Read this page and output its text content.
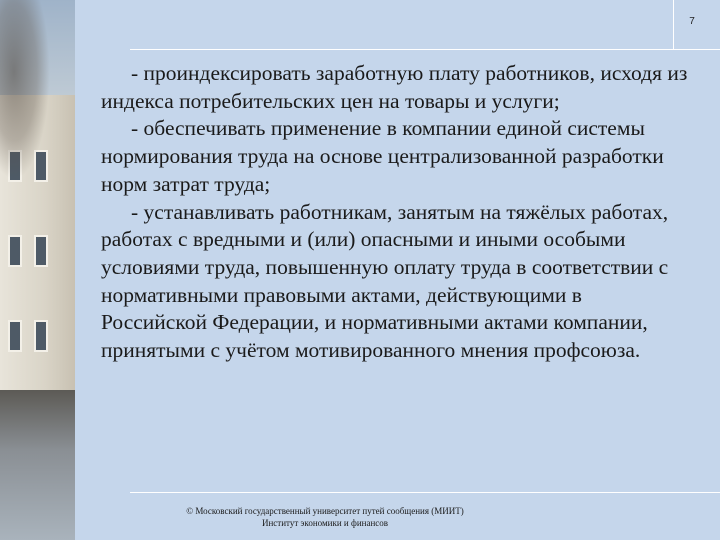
7

- проиндексировать заработную плату работников, исходя из индекса потребительских цен на товары и услуги;

- обеспечивать применение в компании единой системы нормирования труда на основе централизованной разработки норм затрат труда;

- устанавливать работникам, занятым на тяжёлых работах, работах с вредными и (или) опасными и иными особыми условиями труда, повышенную оплату труда в соответствии с нормативными правовыми актами, действующими в Российской Федерации, и нормативными актами компании, принятыми с учётом мотивированного мнения профсоюза.

© Московский государственный университет путей сообщения (МИИТ)
Институт экономики и финансов
